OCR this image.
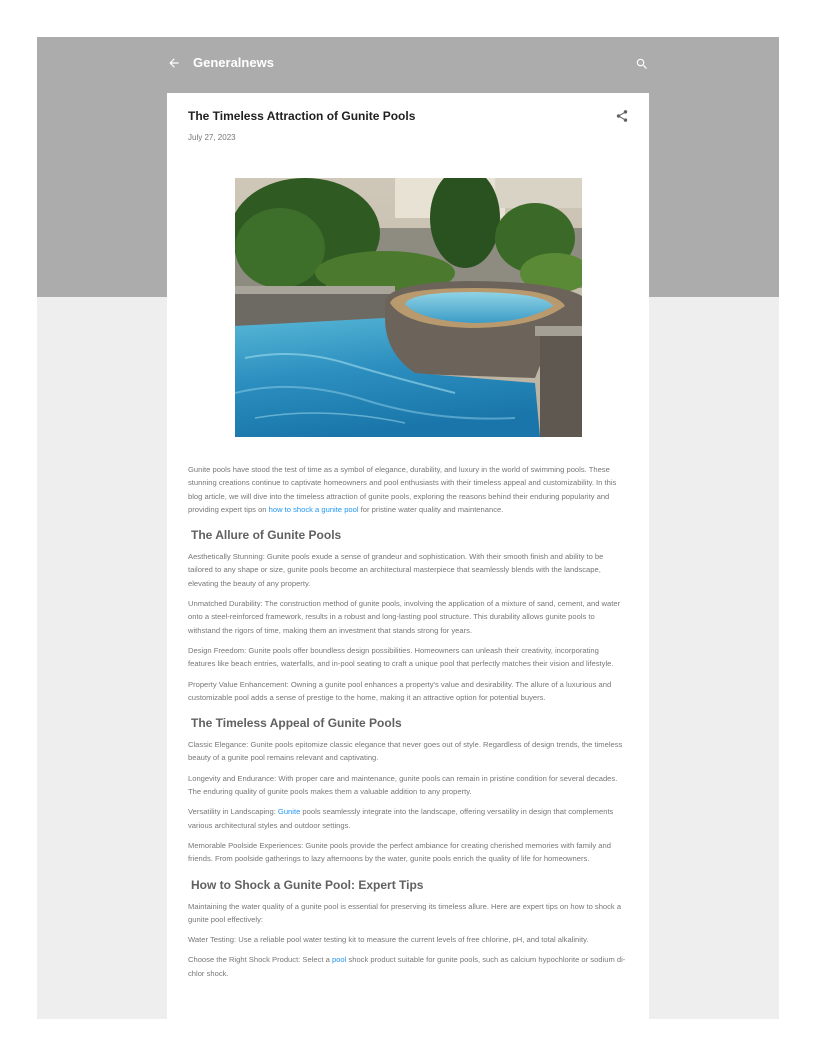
Generalnews
The Timeless Attraction of Gunite Pools
July 27, 2023

Gunite pools have stood the test of time as a symbol of elegance, durability, and luxury in the world of swimming pools. These stunning creations continue to captivate homeowners and pool enthusiasts with their timeless appeal and customizability. In this blog article, we will dive into the timeless attraction of gunite pools, exploring the reasons behind their enduring popularity and providing expert tips on how to shock a gunite pool for pristine water quality and maintenance.

The Allure of Gunite Pools

Aesthetically Stunning: Gunite pools exude a sense of grandeur and sophistication. With their smooth finish and ability to be tailored to any shape or size, gunite pools become an architectural masterpiece that seamlessly blends with the landscape, elevating the beauty of any property.

Unmatched Durability: The construction method of gunite pools, involving the application of a mixture of sand, cement, and water onto a steel-reinforced framework, results in a robust and long-lasting pool structure. This durability allows gunite pools to withstand the rigors of time, making them an investment that stands strong for years.

Design Freedom: Gunite pools offer boundless design possibilities. Homeowners can unleash their creativity, incorporating features like beach entries, waterfalls, and in-pool seating to craft a unique pool that perfectly matches their vision and lifestyle.

Property Value Enhancement: Owning a gunite pool enhances a property's value and desirability. The allure of a luxurious and customizable pool adds a sense of prestige to the home, making it an attractive option for potential buyers.

The Timeless Appeal of Gunite Pools

Classic Elegance: Gunite pools epitomize classic elegance that never goes out of style. Regardless of design trends, the timeless beauty of a gunite pool remains relevant and captivating.

Longevity and Endurance: With proper care and maintenance, gunite pools can remain in pristine condition for several decades. The enduring quality of gunite pools makes them a valuable addition to any property.

Versatility in Landscaping: Gunite pools seamlessly integrate into the landscape, offering versatility in design that complements various architectural styles and outdoor settings.

Memorable Poolside Experiences: Gunite pools provide the perfect ambiance for creating cherished memories with family and friends. From poolside gatherings to lazy afternoons by the water, gunite pools enrich the quality of life for homeowners.

How to Shock a Gunite Pool: Expert Tips

Maintaining the water quality of a gunite pool is essential for preserving its timeless allure. Here are expert tips on how to shock a gunite pool effectively:

Water Testing: Use a reliable pool water testing kit to measure the current levels of free chlorine, pH, and total alkalinity.

Choose the Right Shock Product: Select a pool shock product suitable for gunite pools, such as calcium hypochlorite or sodium di-chlor shock.
